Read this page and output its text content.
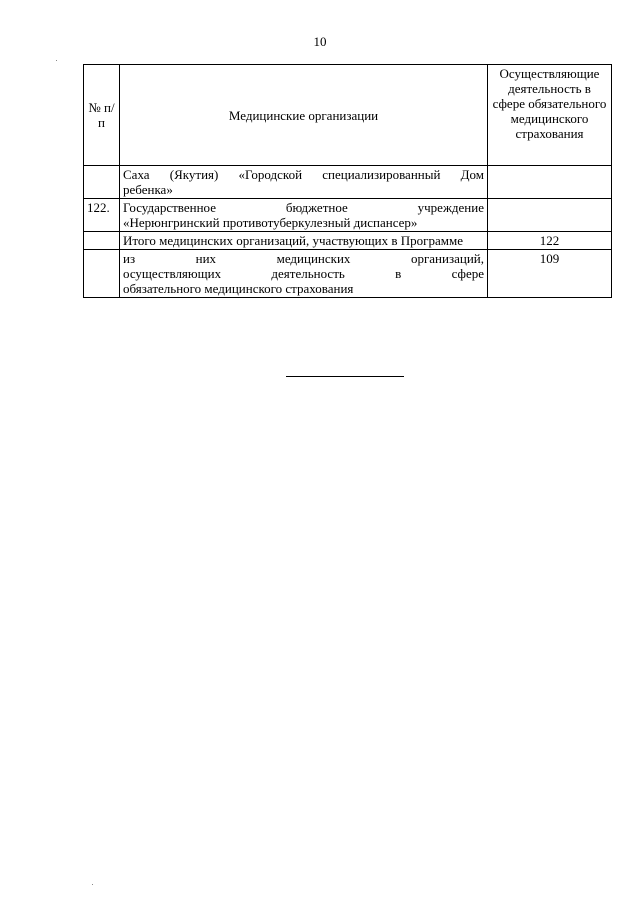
10
№ п/п	Медицинские организации	Осуществляющие деятельность в сфере обязательного медицинского страхования

	Саха (Якутия) «Городской специализированный Дом
ребенка»	

122.	Государственное бюджетное учреждение
«Нерюнгринский противотуберкулезный диспансер»	

	Итого медицинских организаций, участвующих в Программе	122

	из них медицинских организаций,
осуществляющих деятельность в сфере
обязательного медицинского страхования	109
